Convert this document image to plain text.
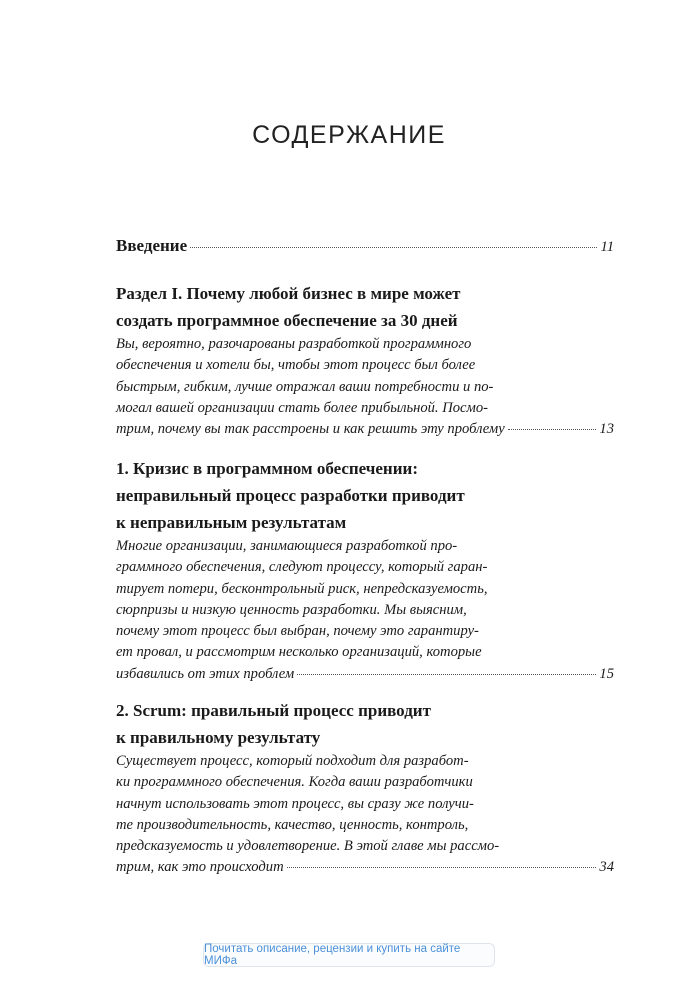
СОДЕРЖАНИЕ
Введение	11
Раздел I. Почему любой бизнес в мире может
создать программное обеспечение за 30 дней
Вы, вероятно, разочарованы разработкой программного
обеспечения и хотели бы, чтобы этот процесс был более
быстрым, гибким, лучше отражал ваши потребности и по-
могал вашей организации стать более прибыльной. Посмо-
трим, почему вы так расстроены и как решить эту проблему	13
1. Кризис в программном обеспечении:
неправильный процесс разработки приводит
к неправильным результатам
Многие организации, занимающиеся разработкой про-
граммного обеспечения, следуют процессу, который гаран-
тирует потери, бесконтрольный риск, непредсказуемость,
сюрпризы и низкую ценность разработки. Мы выясним,
почему этот процесс был выбран, почему это гарантиру-
ет провал, и рассмотрим несколько организаций, которые
избавились от этих проблем	15
2. Scrum: правильный процесс приводит
к правильному результату
Существует процесс, который подходит для разработ-
ки программного обеспечения. Когда ваши разработчики
начнут использовать этот процесс, вы сразу же получи-
те производительность, качество, ценность, контроль,
предсказуемость и удовлетворение. В этой главе мы рассмо-
трим, как это происходит	34
Почитать описание, рецензии и купить на сайте МИФа
